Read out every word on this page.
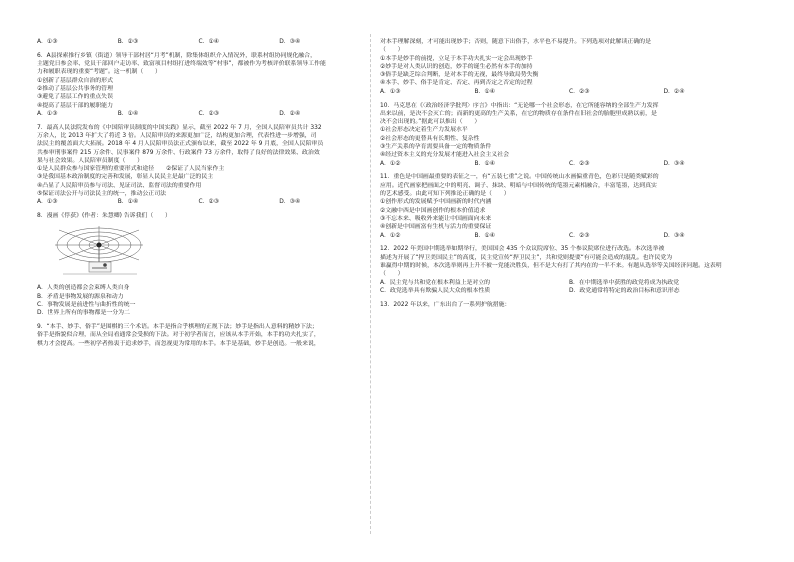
A．①③	B．②③	C．①④	D．③④
6．A县探索推行乡镇（街道）领导干部村居“月考”机制，除集体组织介入情况外，联系村组协同规化融合，
主题党日参会率、党员干部回户走访率、致富项目村组打进终端效等“村事”，都被作为考核评价联系领导工作能
力和履职表现的重要“考题”。这一机制（　　）
①创新了基层群众自治的形式
②推动了基层公共事务的管理
③避免了基层工作的重点失误
④提高了基层干部的履职能力
A．①③	B．①④	C．②③	D．②④
7．最高人民法院发布的《中国陪审员制度的中国实践》显示，截至 2022 年 7 月，全国人民陪审员共计 332
万余人，比 2013 年扩大了将近 3 倍。人民陪审员的来源更加广泛，结构更加合理，代表性进一步增强，司
法民主的覆盖面大大拓展。2018 年 4 月人民陪审员法正式颁布以来，截至 2022 年 9 月底，全国人民陪审员
共参审刑事案件 215 万余件、民事案件 879 万余件、行政案件 73 万余件，取得了良好的法律效果、政治效
果与社会效果。人民陪审员制度（　　）
①是人民群众参与国家管理的重要形式和途径　　②保证了人民当家作主
③是我国基本政治制度的完善和发展，彰显人民民主是最广泛的民主
④凸显了人民陪审员参与司法、见证司法、监督司法的重要作用
⑤保证司法公开与司法民主的统一，推动公正司法
A．①③	B．①④	C．②③	D．③④
8．漫画《俘获》(作者：朱慧卿) 告诉我们（　　）
A．人类的创造都会会束缚人类自身
B．矛盾是事物发展的源泉和动力
C．事物发展是前进性与曲折性的统一
D．世界上所有的事物都是一分为二
9．“本手、妙手、俗手”是围棋的三个术语。本手是指合乎棋理的正规下法；妙手是指出人意料的精妙下法；
俗手是指貌似合理，而从全局看通常会受损的下法。对于初学者而言，应该从本手开始，本手的功夫扎实了，
棋力才会提高。一些初学者热衷于追求妙手，而忽视更为常用的本手。本手是基础，妙手是创造。一般来说，
对本手理解深刻，才可能出现妙手；否则，随意下出俗手，水平也不易提升。下列选项对此解读正确的是
（　　）
①本手是妙手的前提，立足于本手功夫扎实一定会出现妙手
②妙手是对人类认识的创造，妙手的诞生必然有本手的加持
③俗手是缺乏综合判断，是对本手的无视，最终导致局势失衡
④本手、妙手、俗手是肯定、否定、再到否定之否定的过程
A．①③	B．①④	C．②③	D．②④
10．马克思在《〈政治经济学批判〉序言》中指出：“无论哪一个社会形态，在它所能容纳的全部生产力发挥
出来以前，是决不会灭亡的；而新的更高的生产关系，在它的物质存在条件在旧社会的胎胞里成熟以前，是
决不会出现的。”据此可以推出（　　）
①社会形态决定着生产力发展水平
②社会形态的更替具有长期性、复杂性
③生产关系的孕育需要具备一定的物质条件
④经过资本主义的充分发展才能进入社会主义社会
A．①②	B．①④	C．②③	D．③④
11．重色是中国画最重要的表征之一，有“五装七重”之说。中国传统山水画偏重青色，色彩只是随类赋彩的
应用。近代画家把画面之中的明亮、调子、抹块、明暗与中国传统的笔墨元素相融合，丰富笔墨，达到真实
的艺术感受。由此可知下列推论正确的是（　　）
①创作形式的发展赋予中国画新的时代内涵
②文融中西是中国画创作的根本价值追求
③不忘本来、吸收外来能让中国画面向未来
④创新是中国画富有生机与活力的重要保证
A．①②	B．①④	C．②③	D．③④
12．2022 年美国中期选举如期举行，美国国会 435 个众议院席位、35 个参议院席位进行改选。本次选举被
描述为开展了“捍卫美国民主”的高度，民主党宣传“捍卫民主”，共和党则提要“有可能会造成的混乱。也许民党为
谁赢得中期的时候，本次选举则再上升不被一党能决胜负，但不是大有打了其内在的一半不来。有题从选举等关国经济问题。这表明
（　　）
A．民主党与共和党在根本利益上是对立的	B．在中期选举中获胜的政党将成为执政党
C．政党选举具有欺骗人民大众的根本性质	D．政党通常将特定的政治目标和意识形态
13．2022 年以来，广东出台了一系列护航措施：
